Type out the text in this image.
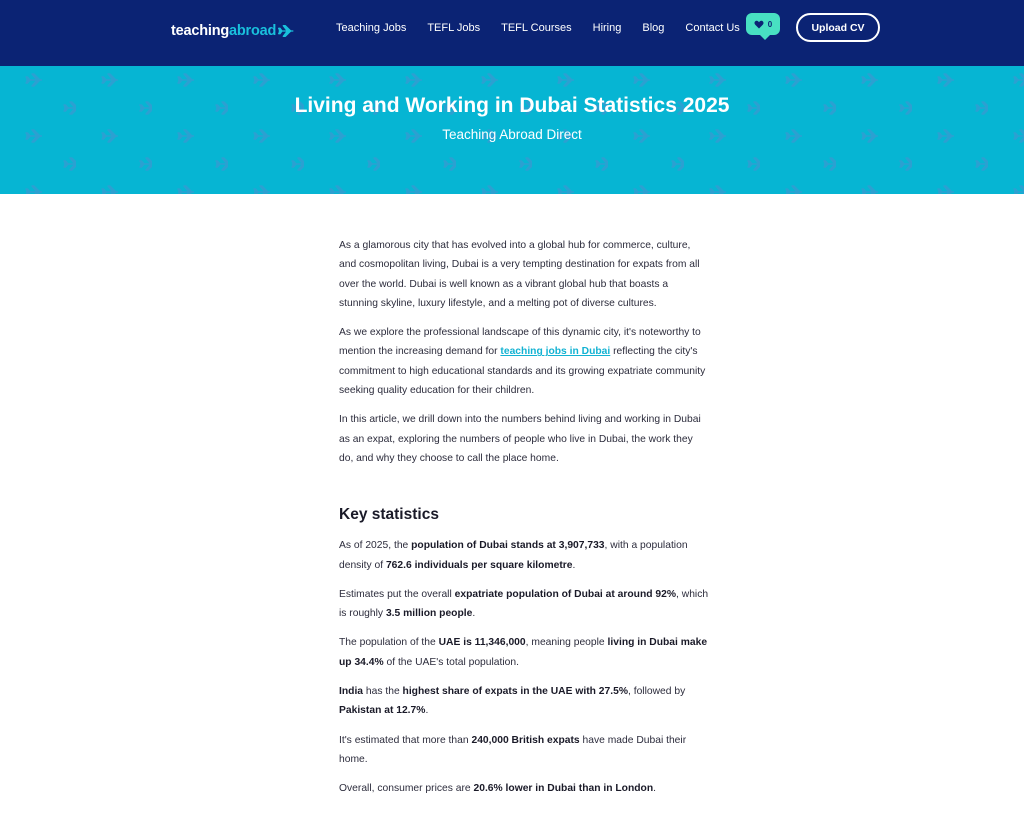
teaching abroad	Teaching Jobs TEFL Jobs TEFL Courses Hiring Blog Contact Us	0	Upload CV
Living and Working in Dubai Statistics 2025
Teaching Abroad Direct

As a glamorous city that has evolved into a global hub for commerce, culture, and cosmopolitan living, Dubai is a very tempting destination for expats from all over the world. Dubai is well known as a vibrant global hub that boasts a stunning skyline, luxury lifestyle, and a melting pot of diverse cultures.

As we explore the professional landscape of this dynamic city, it's noteworthy to mention the increasing demand for teaching jobs in Dubai reflecting the city's commitment to high educational standards and its growing expatriate community seeking quality education for their children.

In this article, we drill down into the numbers behind living and working in Dubai as an expat, exploring the numbers of people who live in Dubai, the work they do, and why they choose to call the place home.

Key statistics

As of 2025, the population of Dubai stands at 3,907,733, with a population density of 762.6 individuals per square kilometre.

Estimates put the overall expatriate population of Dubai at around 92%, which is roughly 3.5 million people.

The population of the UAE is 11,346,000, meaning people living in Dubai make up 34.4% of the UAE's total population.

India has the highest share of expats in the UAE with 27.5%, followed by Pakistan at 12.7%.

It's estimated that more than 240,000 British expats have made Dubai their home.

Overall, consumer prices are 20.6% lower in Dubai than in London.
